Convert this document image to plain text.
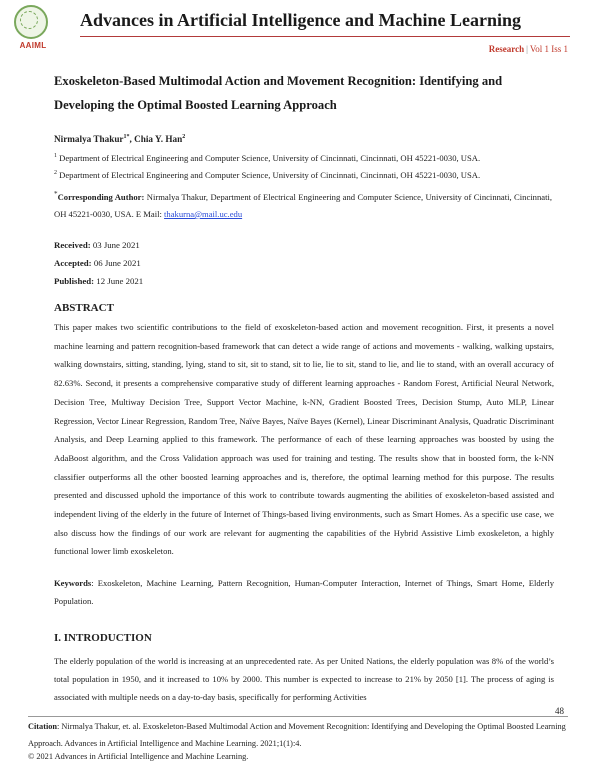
AAIML
Advances in Artificial Intelligence and Machine Learning
Research | Vol 1 Iss 1
Exoskeleton-Based Multimodal Action and Movement Recognition: Identifying and Developing the Optimal Boosted Learning Approach
Nirmalya Thakur$^{1*}$, Chia Y. Han$^2$
$^1$ Department of Electrical Engineering and Computer Science, University of Cincinnati, Cincinnati, OH 45221-0030, USA.
$^2$ Department of Electrical Engineering and Computer Science, University of Cincinnati, Cincinnati, OH 45221-0030, USA.
*Corresponding Author: Nirmalya Thakur, Department of Electrical Engineering and Computer Science, University of Cincinnati, Cincinnati, OH 45221-0030, USA. E Mail: thakurna@mail.uc.edu
Received: 03 June 2021
Accepted: 06 June 2021
Published: 12 June 2021
ABSTRACT
This paper makes two scientific contributions to the field of exoskeleton-based action and movement recognition. First, it presents a novel machine learning and pattern recognition-based framework that can detect a wide range of actions and movements - walking, walking upstairs, walking downstairs, sitting, standing, lying, stand to sit, sit to stand, sit to lie, lie to sit, stand to lie, and lie to stand, with an overall accuracy of 82.63%. Second, it presents a comprehensive comparative study of different learning approaches - Random Forest, Artificial Neural Network, Decision Tree, Multiway Decision Tree, Support Vector Machine, k-NN, Gradient Boosted Trees, Decision Stump, Auto MLP, Linear Regression, Vector Linear Regression, Random Tree, Naïve Bayes, Naïve Bayes (Kernel), Linear Discriminant Analysis, Quadratic Discriminant Analysis, and Deep Learning applied to this framework. The performance of each of these learning approaches was boosted by using the AdaBoost algorithm, and the Cross Validation approach was used for training and testing. The results show that in boosted form, the k-NN classifier outperforms all the other boosted learning approaches and is, therefore, the optimal learning method for this purpose. The results presented and discussed uphold the importance of this work to contribute towards augmenting the abilities of exoskeleton-based assisted and independent living of the elderly in the future of Internet of Things-based living environments, such as Smart Homes. As a specific use case, we also discuss how the findings of our work are relevant for augmenting the capabilities of the Hybrid Assistive Limb exoskeleton, a highly functional lower limb exoskeleton.
Keywords: Exoskeleton, Machine Learning, Pattern Recognition, Human-Computer Interaction, Internet of Things, Smart Home, Elderly Population.
I. INTRODUCTION
The elderly population of the world is increasing at an unprecedented rate. As per United Nations, the elderly population was 8% of the world’s total population in 1950, and it increased to 10% by 2000. This number is expected to increase to 21% by 2050 [1]. The process of aging is associated with multiple needs on a day-to-day basis, specifically for performing Activities
48
Citation: Nirmalya Thakur, et. al. Exoskeleton-Based Multimodal Action and Movement Recognition: Identifying and Developing the Optimal Boosted Learning Approach. Advances in Artificial Intelligence and Machine Learning. 2021;1(1):4.
© 2021 Advances in Artificial Intelligence and Machine Learning.
